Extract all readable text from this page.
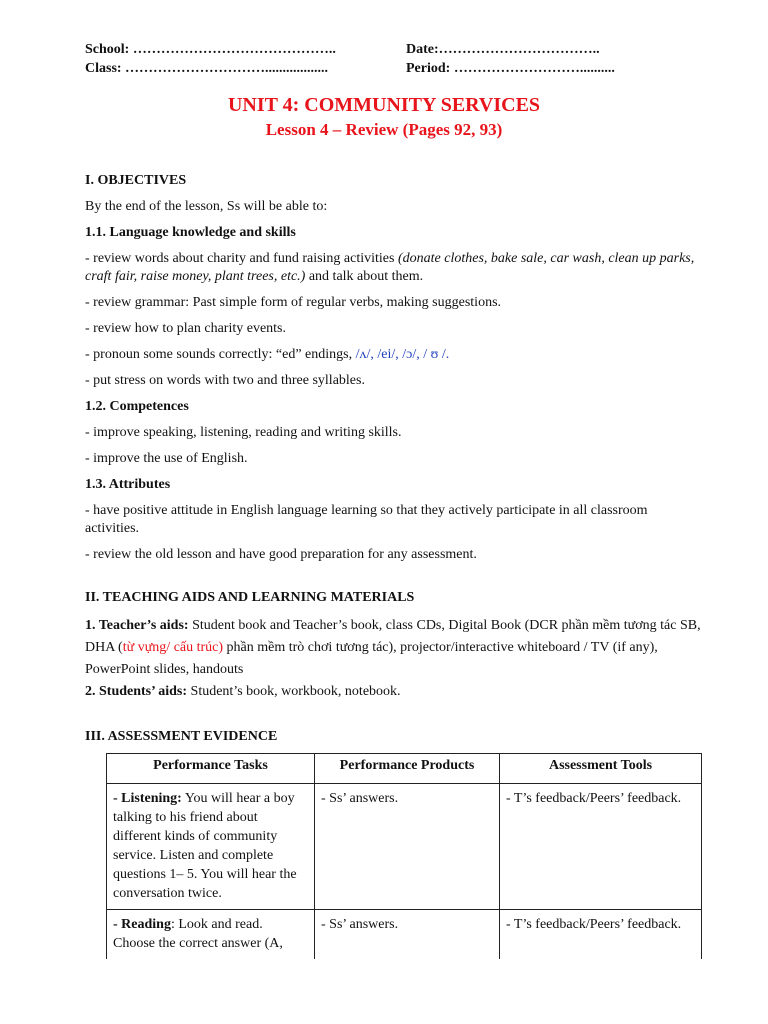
School: ……………………………………..
Class: …………………………..................
Date:……………………………..
Period: ………………………..........
UNIT 4: COMMUNITY SERVICES
Lesson 4 – Review (Pages 92, 93)

I. OBJECTIVES

By the end of the lesson, Ss will be able to:

1.1. Language knowledge and skills

- review words about charity and fund raising activities (donate clothes, bake sale, car wash, clean up parks, craft fair, raise money, plant trees, etc.) and talk about them.

- review grammar: Past simple form of regular verbs, making suggestions.

- review how to plan charity events.

- pronoun some sounds correctly: “ed” endings, /ʌ/, /ei/, /ɔ/, / ʊ /.

- put stress on words with two and three syllables.

1.2. Competences

- improve speaking, listening, reading and writing skills.

- improve the use of English.

1.3. Attributes

- have positive attitude in English language learning so that they actively participate in all classroom activities.

- review the old lesson and have good preparation for any assessment.

II. TEACHING AIDS AND LEARNING MATERIALS

1. Teacher’s aids: Student book and Teacher’s book, class CDs, Digital Book (DCR phần mềm tương tác SB, DHA (từ vựng/ cấu trúc) phần mềm trò chơi tương tác), projector/interactive whiteboard / TV (if any), PowerPoint slides, handouts

2. Students’ aids: Student’s book, workbook, notebook.

III. ASSESSMENT EVIDENCE

Performance Tasks	Performance Products	Assessment Tools
- Listening: You will hear a boy talking to his friend about different kinds of community service. Listen and complete questions 1– 5. You will hear the conversation twice.	- Ss’ answers.	- T’s feedback/Peers’ feedback.
- Reading: Look and read. Choose the correct answer (A,	- Ss’ answers.	- T’s feedback/Peers’ feedback.
